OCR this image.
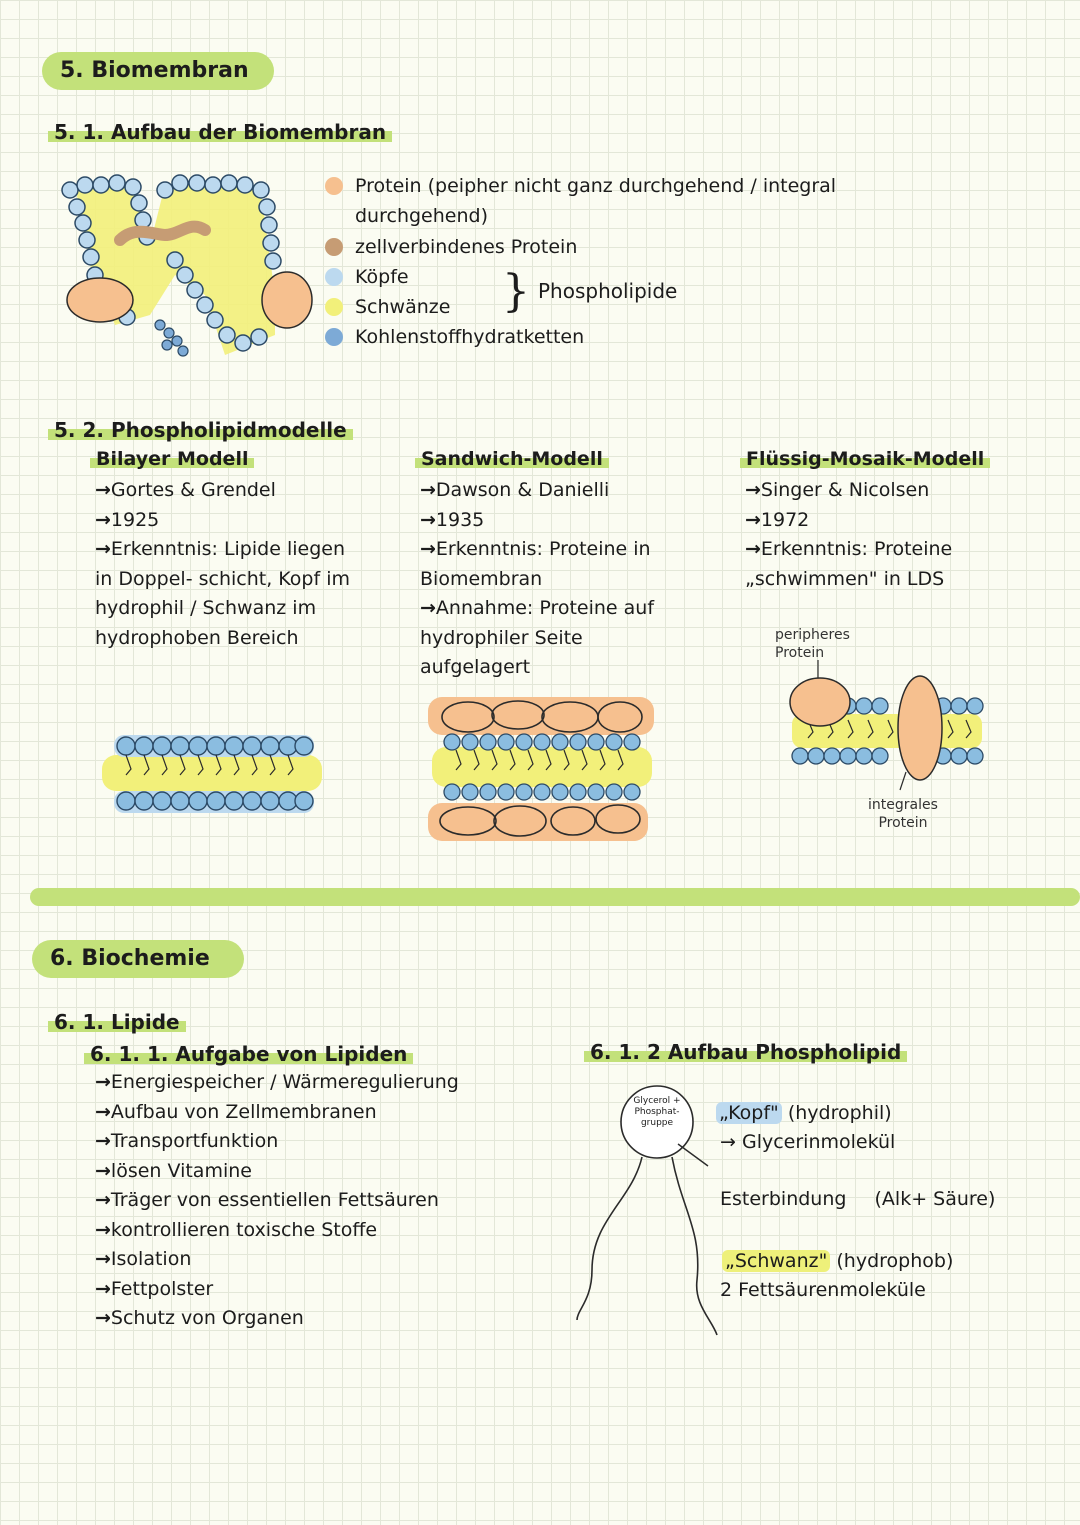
5. Biomembran
5. 1. Aufbau der Biomembran
Protein (peipher nicht ganz durchgehend / integral
durchgehend)
zellverbindenes Protein
Köpfe
Schwänze
Kohlenstoffhydratketten
} Phospholipide
5. 2. Phospholipidmodelle
Bilayer Modell
→ Gortes & Grendel
→ 1925
→ Erkenntnis: Lipide liegen in Doppel- schicht, Kopf im hydrophil / Schwanz im hydrophoben Bereich
Sandwich-Modell
→ Dawson & Danielli
→ 1935
→ Erkenntnis: Proteine in Biomembran
→ Annahme: Proteine auf hydrophiler Seite aufgelagert
Flüssig-Mosaik-Modell
→ Singer & Nicolsen
→ 1972
→ Erkenntnis: Proteine „schwimmen" in LDS
peripheres Protein
integrales Protein
6. Biochemie
6. 1. Lipide
6. 1. 1. Aufgabe von Lipiden
→ Energiespeicher / Wärmeregulierung
→ Aufbau von Zellmembranen
→ Transportfunktion
→ lösen Vitamine
→ Träger von essentiellen Fettsäuren
→ kontrollieren toxische Stoffe
→ Isolation
→ Fettpolster
→ Schutz von Organen
6. 1. 2 Aufbau Phospholipid
Glycerol + Phosphat- gruppe	„Kopf" (hydrophil)
→ Glycerinmolekül
Esterbindung (Alk+ Säure)
„Schwanz" (hydrophob)
2 Fettsäurenmoleküle
